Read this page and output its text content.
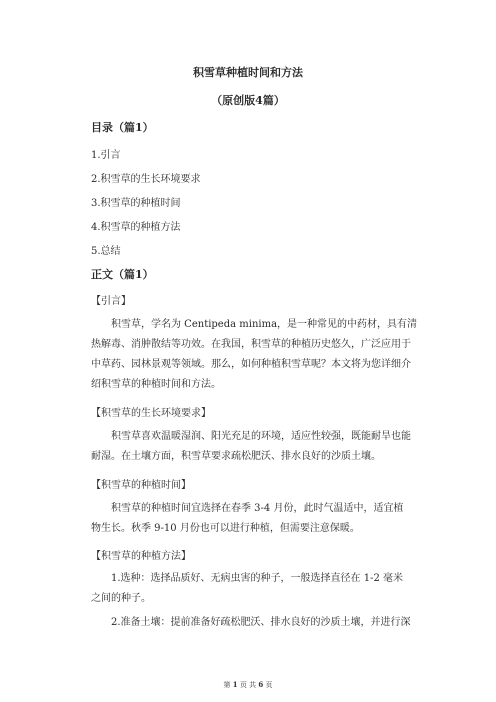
积雪草种植时间和方法
（原创版4篇）
目录（篇1）
1.引言
2.积雪草的生长环境要求
3.积雪草的种植时间
4.积雪草的种植方法
5.总结
正文（篇1）
【引言】
积雪草，学名为 Centipeda minima，是一种常见的中药材，具有清
热解毒、消肿散结等功效。在我国，积雪草的种植历史悠久，广泛应用于
中草药、园林景观等领域。那么，如何种植积雪草呢？本文将为您详细介
绍积雪草的种植时间和方法。
【积雪草的生长环境要求】
积雪草喜欢温暖湿润、阳光充足的环境，适应性较强，既能耐旱也能
耐湿。在土壤方面，积雪草要求疏松肥沃、排水良好的沙质土壤。
【积雪草的种植时间】
积雪草的种植时间宜选择在春季 3-4 月份，此时气温适中，适宜植
物生长。秋季 9-10 月份也可以进行种植，但需要注意保暖。
【积雪草的种植方法】
1.选种：选择品质好、无病虫害的种子，一般选择直径在 1-2 毫米
之间的种子。
2.准备土壤：提前准备好疏松肥沃、排水良好的沙质土壤，并进行深
第 1 页 共 6 页
